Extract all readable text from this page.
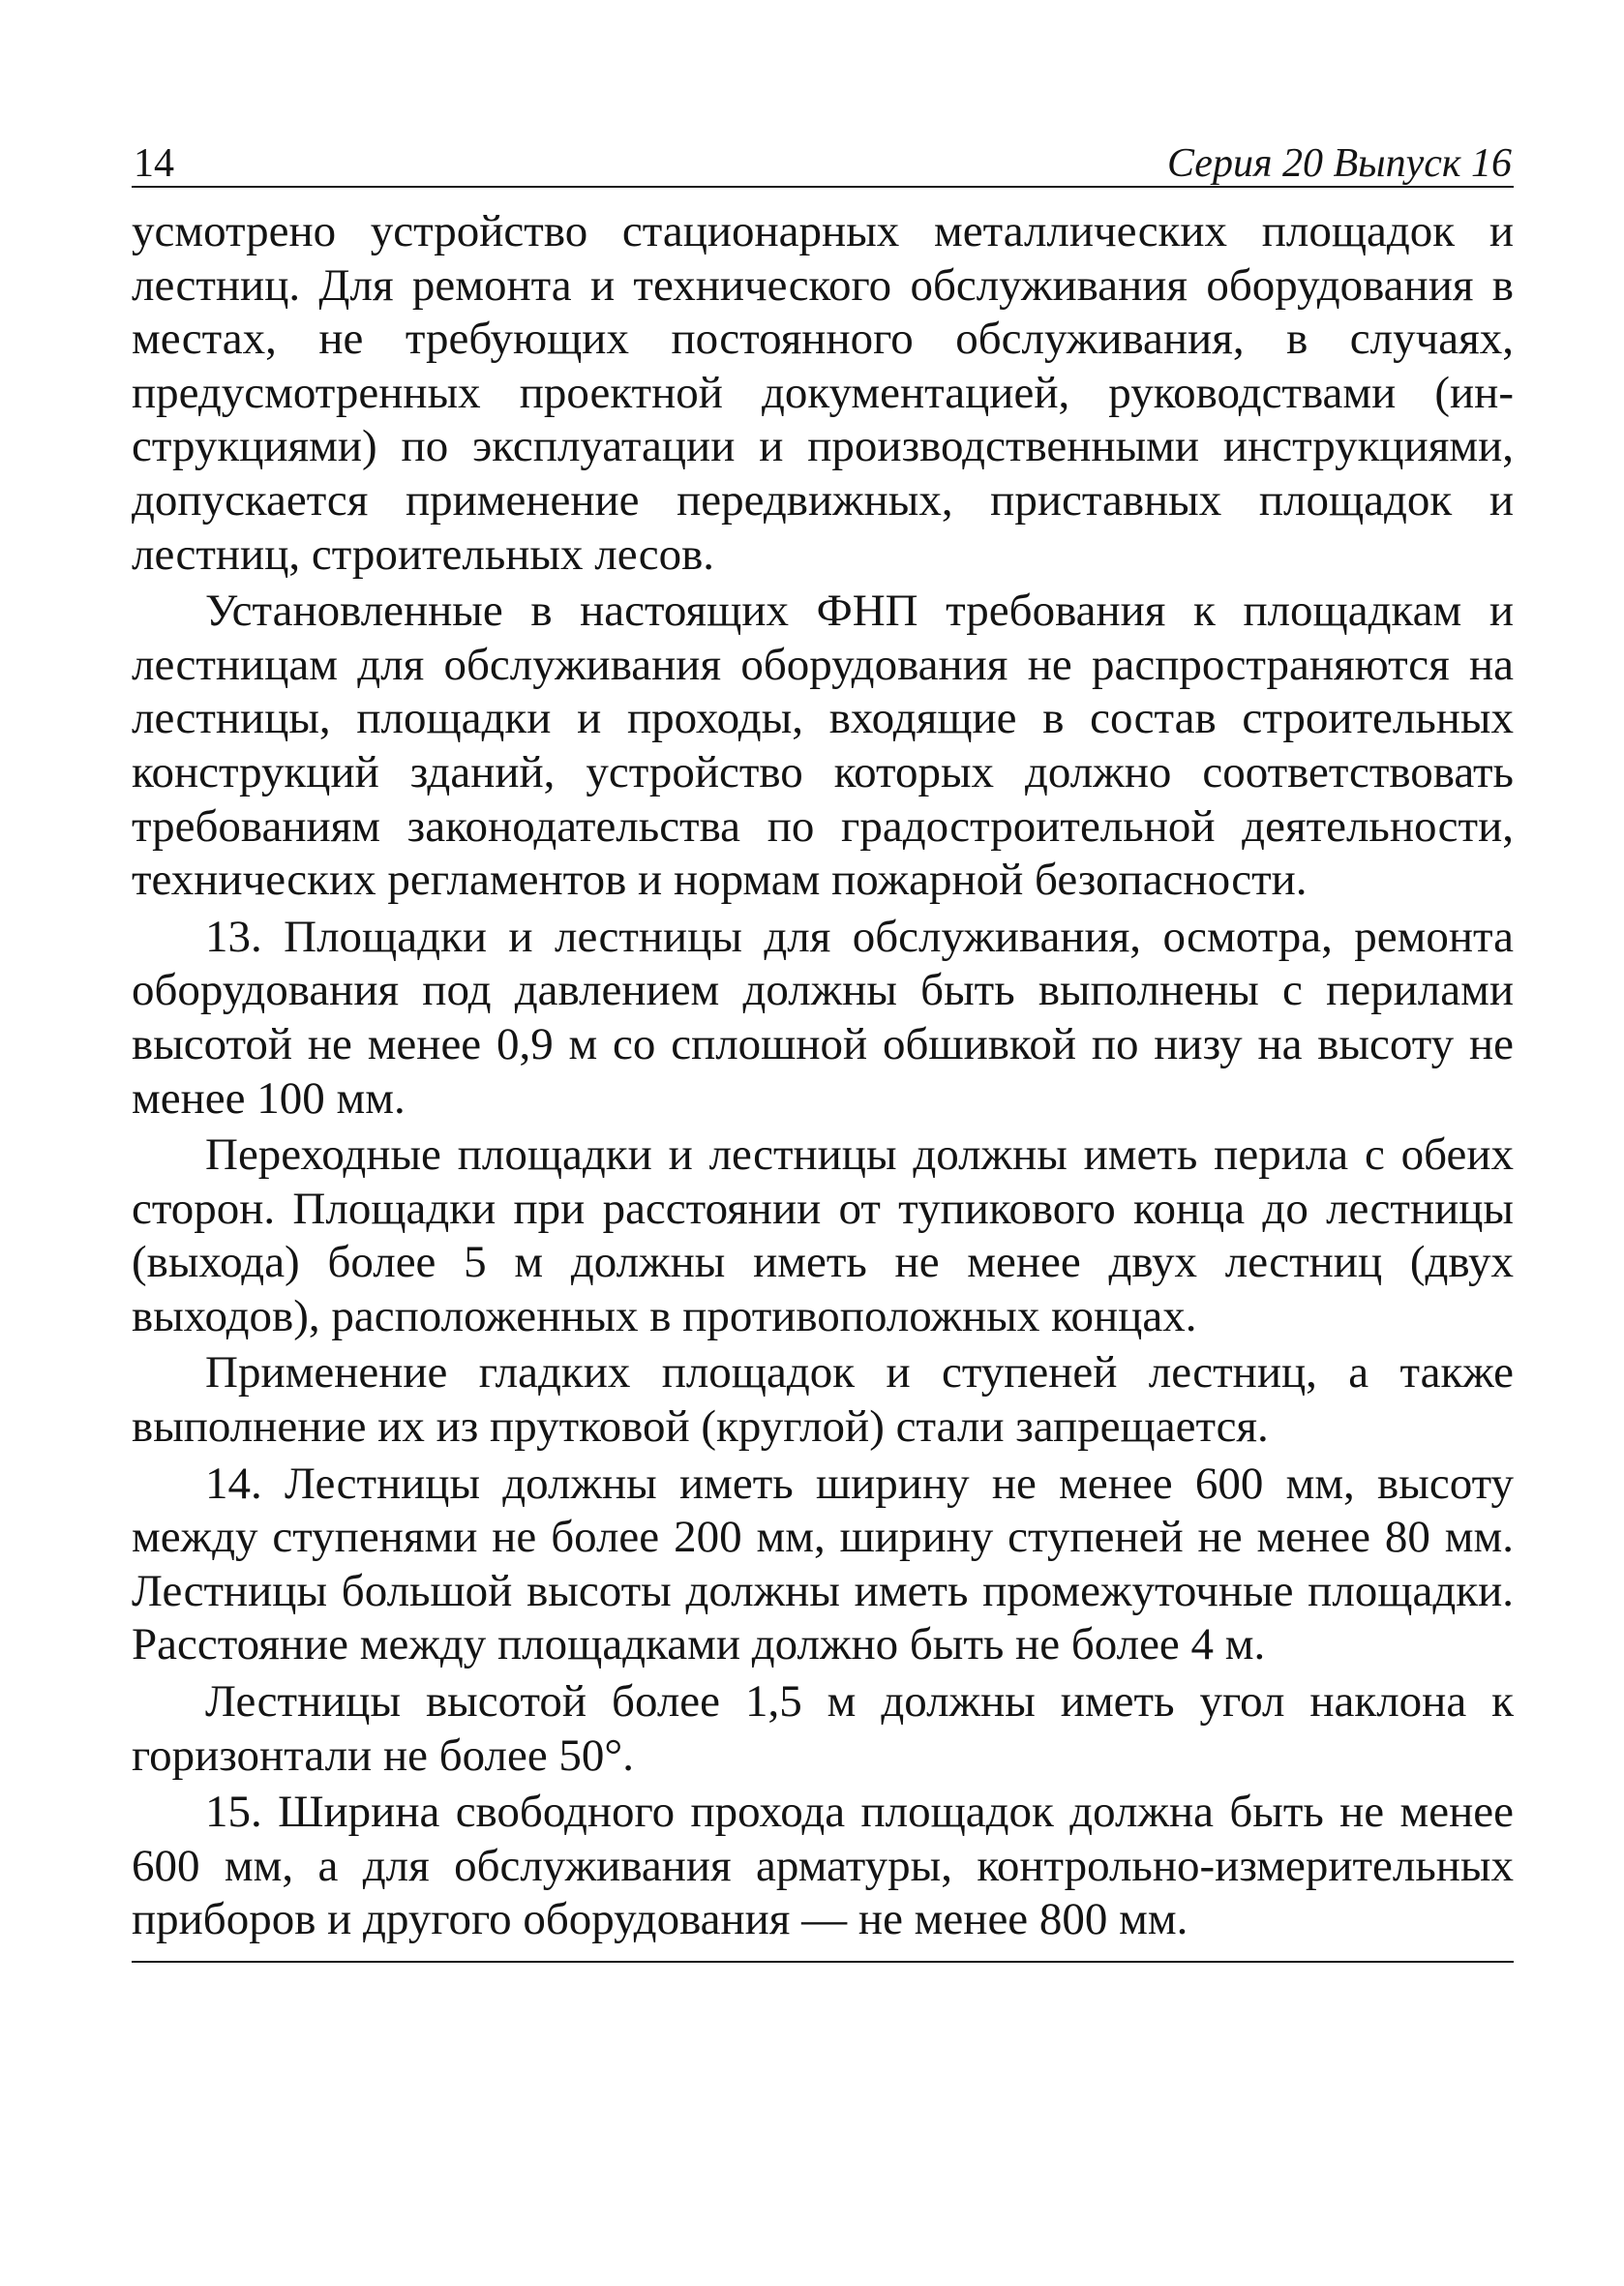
14	Серия 20 Выпуск 16

усмотрено устройство стационарных металлических площадок и лестниц. Для ремонта и технического обслуживания оборудования в местах, не требующих постоянного обслуживания, в случаях, предусмотренных проектной документацией, руководствами (инструкциями) по эксплуатации и производственными инструкциями, допускается применение передвижных, приставных площадок и лестниц, строительных лесов.

Установленные в настоящих ФНП требования к площадкам и лестницам для обслуживания оборудования не распространяются на лестницы, площадки и проходы, входящие в состав строительных конструкций зданий, устройство которых должно соответствовать требованиям законодательства по градостроительной деятельности, технических регламентов и нормам пожарной безопасности.

13. Площадки и лестницы для обслуживания, осмотра, ремонта оборудования под давлением должны быть выполнены с перилами высотой не менее 0,9 м со сплошной обшивкой по низу на высоту не менее 100 мм.

Переходные площадки и лестницы должны иметь перила с обеих сторон. Площадки при расстоянии от тупикового конца до лестницы (выхода) более 5 м должны иметь не менее двух лестниц (двух выходов), расположенных в противоположных концах.

Применение гладких площадок и ступеней лестниц, а также выполнение их из прутковой (круглой) стали запрещается.

14. Лестницы должны иметь ширину не менее 600 мм, высоту между ступенями не более 200 мм, ширину ступеней не менее 80 мм. Лестницы большой высоты должны иметь промежуточные площадки. Расстояние между площадками должно быть не более 4 м.

Лестницы высотой более 1,5 м должны иметь угол наклона к горизонтали не более 50°.

15. Ширина свободного прохода площадок должна быть не менее 600 мм, а для обслуживания арматуры, контрольно-измерительных приборов и другого оборудования — не менее 800 мм.
